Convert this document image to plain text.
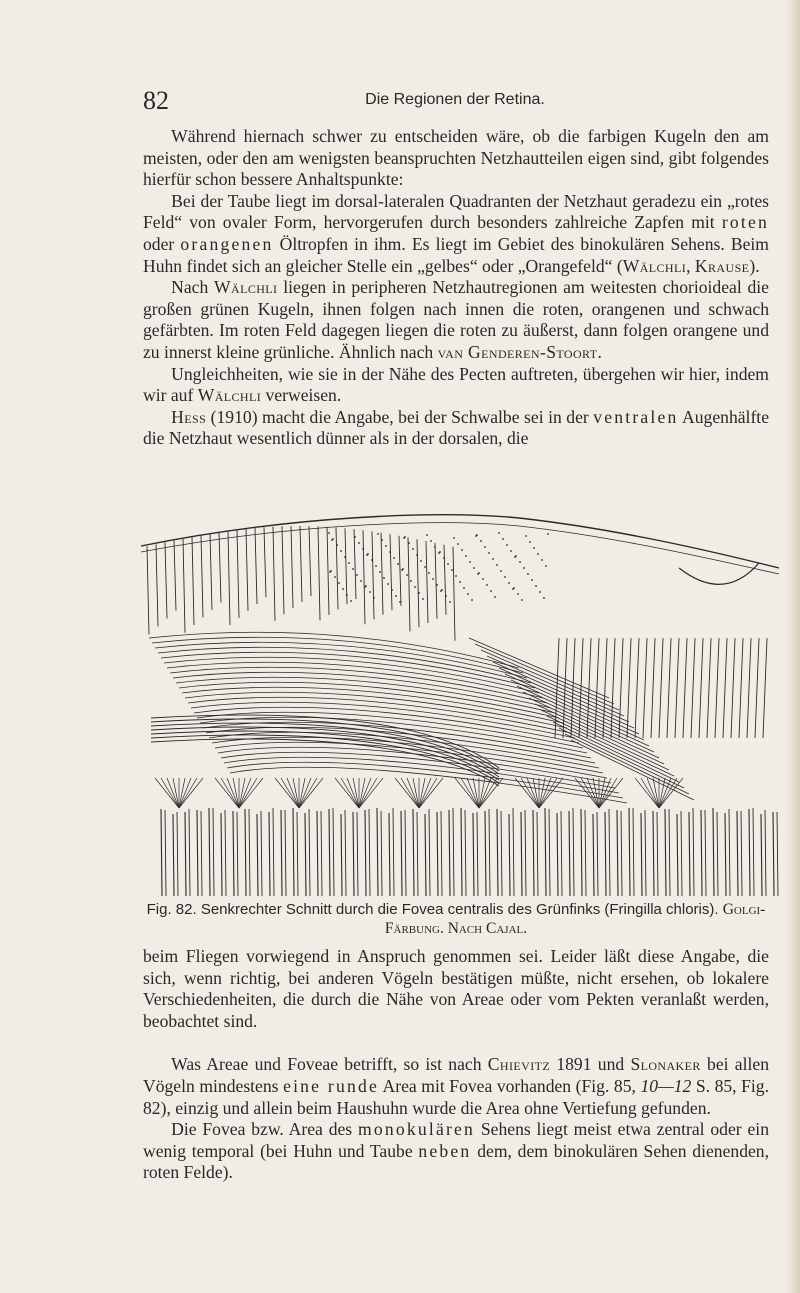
82	Die Regionen der Retina.

Während hiernach schwer zu entscheiden wäre, ob die farbigen Kugeln den am meisten, oder den am wenigsten beanspruchten Netzhautteilen eigen sind, gibt folgendes hierfür schon bessere Anhaltspunkte:

Bei der Taube liegt im dorsal-lateralen Quadranten der Netzhaut geradezu ein „rotes Feld“ von ovaler Form, hervorgerufen durch besonders zahlreiche Zapfen mit roten oder orangenen Öltropfen in ihm. Es liegt im Gebiet des binokulären Sehens. Beim Huhn findet sich an gleicher Stelle ein „gelbes“ oder „Orangefeld“ (Wälchli, Krause).

Nach Wälchli liegen in peripheren Netzhautregionen am weitesten chorioideal die großen grünen Kugeln, ihnen folgen nach innen die roten, orangenen und schwach gefärbten. Im roten Feld dagegen liegen die roten zu äußerst, dann folgen orangene und zu innerst kleine grünliche. Ähnlich nach van Genderen-Stoort.

Ungleichheiten, wie sie in der Nähe des Pecten auftreten, übergehen wir hier, indem wir auf Wälchli verweisen.

Hess (1910) macht die Angabe, bei der Schwalbe sei in der ventralen Augenhälfte die Netzhaut wesentlich dünner als in der dorsalen, die

Fig. 82. Senkrechter Schnitt durch die Fovea centralis des Grünfinks (Fringilla chloris). Golgi-Färbung. Nach Cajal.

beim Fliegen vorwiegend in Anspruch genommen sei. Leider läßt diese Angabe, die sich, wenn richtig, bei anderen Vögeln bestätigen müßte, nicht ersehen, ob lokalere Verschiedenheiten, die durch die Nähe von Areae oder vom Pekten veranlaßt werden, beobachtet sind.

Was Areae und Foveae betrifft, so ist nach Chievitz 1891 und Slonaker bei allen Vögeln mindestens eine runde Area mit Fovea vorhanden (Fig. 85, 10—12 S. 85, Fig. 82), einzig und allein beim Haushuhn wurde die Area ohne Vertiefung gefunden.

Die Fovea bzw. Area des monokulären Sehens liegt meist etwa zentral oder ein wenig temporal (bei Huhn und Taube neben dem, dem binokulären Sehen dienenden, roten Felde).
